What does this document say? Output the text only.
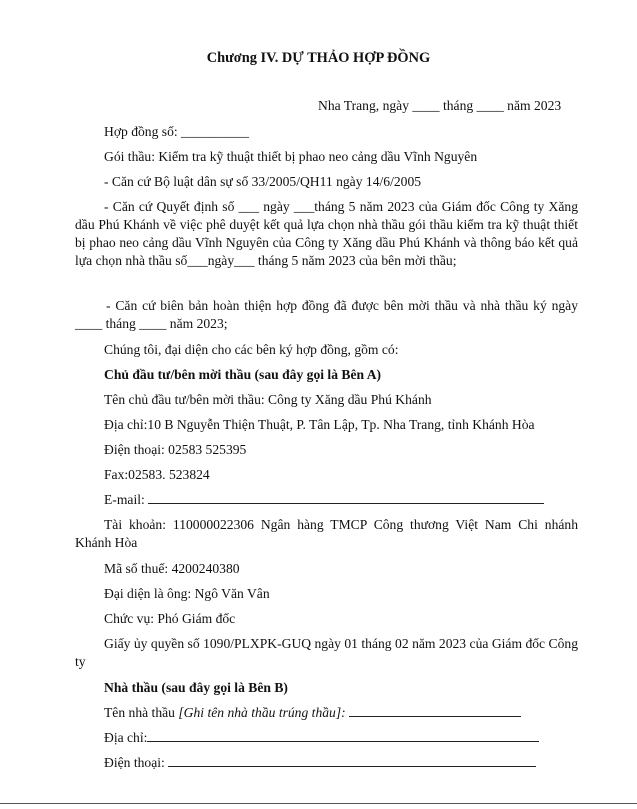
Chương IV. DỰ THẢO HỢP ĐỒNG
Nha Trang, ngày ____ tháng ____ năm 2023
Hợp đồng số: __________
Gói thầu: Kiểm tra kỹ thuật thiết bị phao neo cảng dầu Vĩnh Nguyên
- Căn cứ Bộ luật dân sự số 33/2005/QH11 ngày 14/6/2005
- Căn cứ Quyết định số ___ ngày ___tháng 5 năm 2023 của Giám đốc Công ty Xăng dầu Phú Khánh về việc phê duyệt kết quả lựa chọn nhà thầu gói thầu kiểm tra kỹ thuật thiết bị phao neo cảng dầu Vĩnh Nguyên của Công ty Xăng dầu Phú Khánh và thông báo kết quả lựa chọn nhà thầu số___ngày___ tháng 5 năm 2023 của bên mời thầu;
- Căn cứ biên bản hoàn thiện hợp đồng đã được bên mời thầu và nhà thầu ký ngày ____ tháng ____ năm 2023;
Chúng tôi, đại diện cho các bên ký hợp đồng, gồm có:
Chủ đầu tư/bên mời thầu (sau đây gọi là Bên A)
Tên chủ đầu tư/bên mời thầu: Công ty Xăng dầu Phú Khánh
Địa chỉ:10 B Nguyễn Thiện Thuật, P. Tân Lập, Tp. Nha Trang, tỉnh Khánh Hòa
Điện thoại: 02583 525395
Fax:02583. 523824
E-mail:
Tài khoản: 110000022306 Ngân hàng TMCP Công thương Việt Nam Chi nhánh Khánh Hòa
Mã số thuế: 4200240380
Đại diện là ông: Ngô Văn Vân
Chức vụ: Phó Giám đốc
Giấy ủy quyền số 1090/PLXPK-GUQ ngày 01 tháng 02 năm 2023 của Giám đốc Công ty
Nhà thầu (sau đây gọi là Bên B)
Tên nhà thầu [Ghi tên nhà thầu trúng thầu]:
Địa chỉ:
Điện thoại:
